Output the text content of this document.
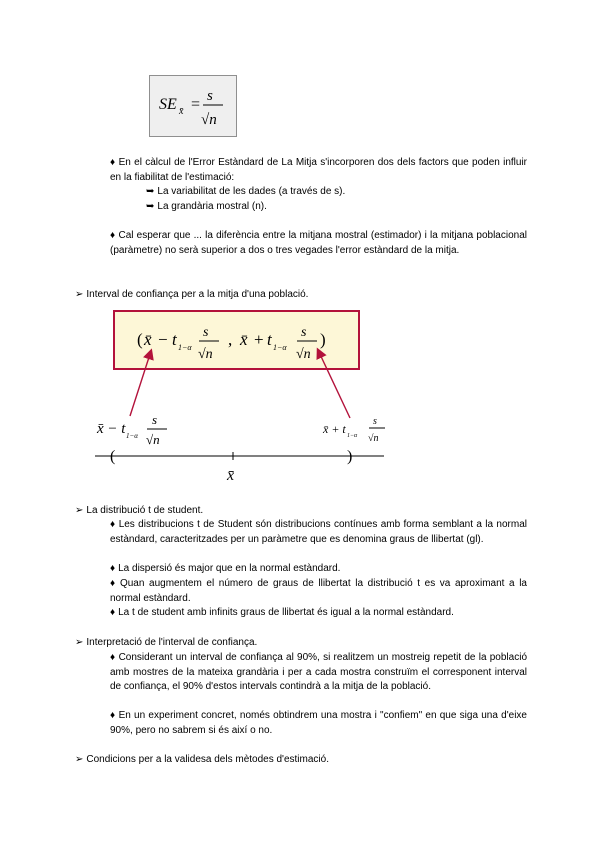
SE x̄ = s
√n
♦ En el càlcul de l'Error Estàndard de La Mitja s'incorporen dos dels factors que poden influir en la fiabilitat de l'estimació:
➥ La variabilitat de les dades (a través de s).
➥ La grandària mostral (n).
♦ Cal esperar que ... la diferència entre la mitjana mostral (estimador) i la mitjana poblacional (paràmetre) no serà superior a dos o tres vegades l'error estàndard de la mitja.
➢ Interval de confiança per a la mitja d'una població.
( x̄ − t 1−α
s
√n
, x̄ + t 1−α
s
√n
)
x̄ − t 1−α
s
√n
x̄ + t 1−α
s
√n
(	)
x̄
➢ La distribució t de student.
♦ Les distribucions t de Student són distribucions contínues amb forma semblant a la normal estàndard, caracteritzades per un paràmetre que es denomina graus de llibertat (gl).
♦ La dispersió és major que en la normal estàndard.
♦ Quan augmentem el número de graus de llibertat la distribució t es va aproximant a la normal estàndard.
♦ La t de student amb infinits graus de llibertat és igual a la normal estàndard.
➢ Interpretació de l'interval de confiança.
♦ Considerant un interval de confiança al 90%, si realitzem un mostreig repetit de la població amb mostres de la mateixa grandària i per a cada mostra construïm el corresponent interval de confiança, el 90% d'estos intervals contindrà a la mitja de la població.
♦ En un experiment concret, només obtindrem una mostra i "confiem" en que siga una d'eixe 90%, pero no sabrem si és així o no.
➢ Condicions per a la validesa dels mètodes d'estimació.
